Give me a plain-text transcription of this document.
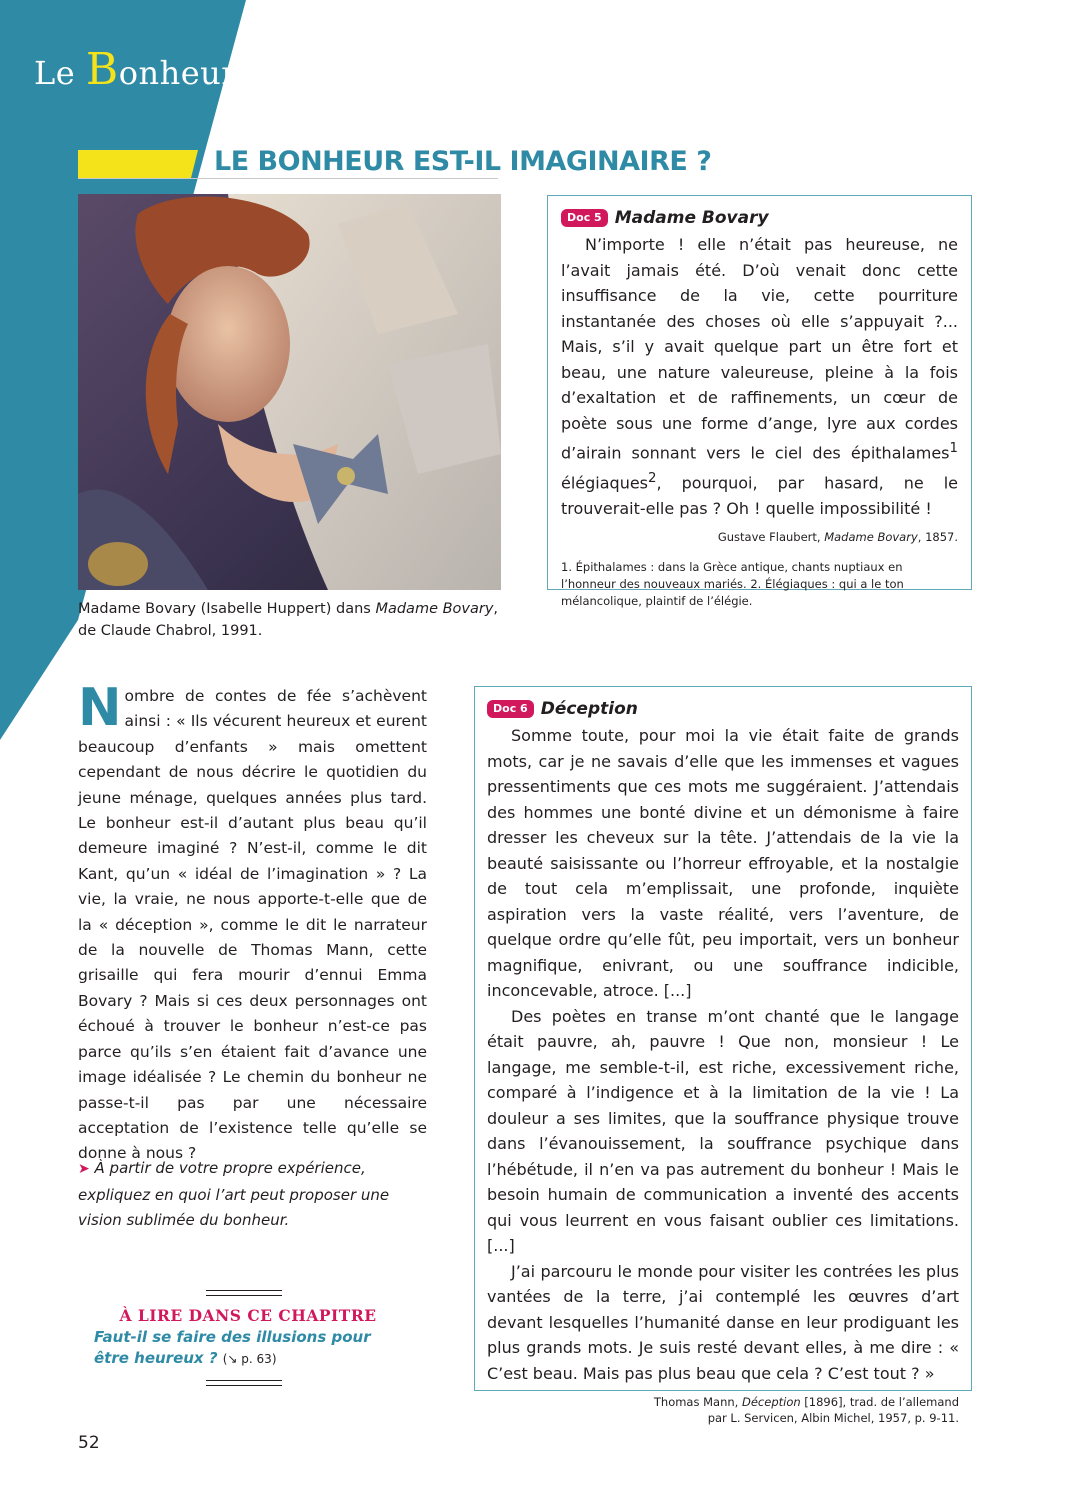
Le Bonheur
LE BONHEUR EST-IL IMAGINAIRE ?

Madame Bovary (Isabelle Huppert) dans Madame Bovary, de Claude Chabrol, 1991.

Doc 5 Madame Bovary

N’importe ! elle n’était pas heureuse, ne l’avait jamais été. D’où venait donc cette insuffisance de la vie, cette pourriture instantanée des choses où elle s’appuyait ?... Mais, s’il y avait quelque part un être fort et beau, une nature valeureuse, pleine à la fois d’exaltation et de raffinements, un cœur de poète sous une forme d’ange, lyre aux cordes d’airain sonnant vers le ciel des épithalames$^1$ élégiaques$^2$, pourquoi, par hasard, ne le trouverait-elle pas ? Oh ! quelle impossibilité !

Gustave Flaubert, Madame Bovary, 1857.

1. Épithalames : dans la Grèce antique, chants nuptiaux en l’honneur des nouveaux mariés. 2. Élégiaques : qui a le ton mélancolique, plaintif de l’élégie.

Nombre de contes de fée s’achèvent ainsi : « Ils vécurent heureux et eurent beaucoup d’enfants » mais omettent cependant de nous décrire le quotidien du jeune ménage, quelques années plus tard. Le bonheur est-il d’autant plus beau qu’il demeure imaginé ? N’est-il, comme le dit Kant, qu’un « idéal de l’imagination » ? La vie, la vraie, ne nous apporte-t-elle que de la « déception », comme le dit le narrateur de la nouvelle de Thomas Mann, cette grisaille qui fera mourir d’ennui Emma Bovary ? Mais si ces deux personnages ont échoué à trouver le bonheur n’est-ce pas parce qu’ils s’en étaient fait d’avance une image idéalisée ? Le chemin du bonheur ne passe-t-il pas par une nécessaire acceptation de l’existence telle qu’elle se donne à nous ?

➤ À partir de votre propre expérience, expliquez en quoi l’art peut proposer une vision sublimée du bonheur.

À LIRE DANS CE CHAPITRE

Faut-il se faire des illusions pour être heureux ? (↘ p. 63)

Doc 6 Déception

Somme toute, pour moi la vie était faite de grands mots, car je ne savais d’elle que les immenses et vagues pressentiments que ces mots me suggéraient. J’attendais des hommes une bonté divine et un démonisme à faire dresser les cheveux sur la tête. J’attendais de la vie la beauté saisissante ou l’horreur effroyable, et la nostalgie de tout cela m’emplissait, une profonde, inquiète aspiration vers la vaste réalité, vers l’aventure, de quelque ordre qu’elle fût, peu importait, vers un bonheur magnifique, enivrant, ou une souffrance indicible, inconcevable, atroce. [...]

Des poètes en transe m’ont chanté que le langage était pauvre, ah, pauvre ! Que non, monsieur ! Le langage, me semble-t-il, est riche, excessivement riche, comparé à l’indigence et à la limitation de la vie ! La douleur a ses limites, que la souffrance physique trouve dans l’évanouissement, la souffrance psychique dans l’hébétude, il n’en va pas autrement du bonheur ! Mais le besoin humain de communication a inventé des accents qui vous leurrent en vous faisant oublier ces limitations. [...]

J’ai parcouru le monde pour visiter les contrées les plus vantées de la terre, j’ai contemplé les œuvres d’art devant lesquelles l’humanité danse en leur prodiguant les plus grands mots. Je suis resté devant elles, à me dire : « C’est beau. Mais pas plus beau que cela ? C’est tout ? »

Thomas Mann, Déception [1896], trad. de l’allemand
par L. Servicen, Albin Michel, 1957, p. 9-11.

52
